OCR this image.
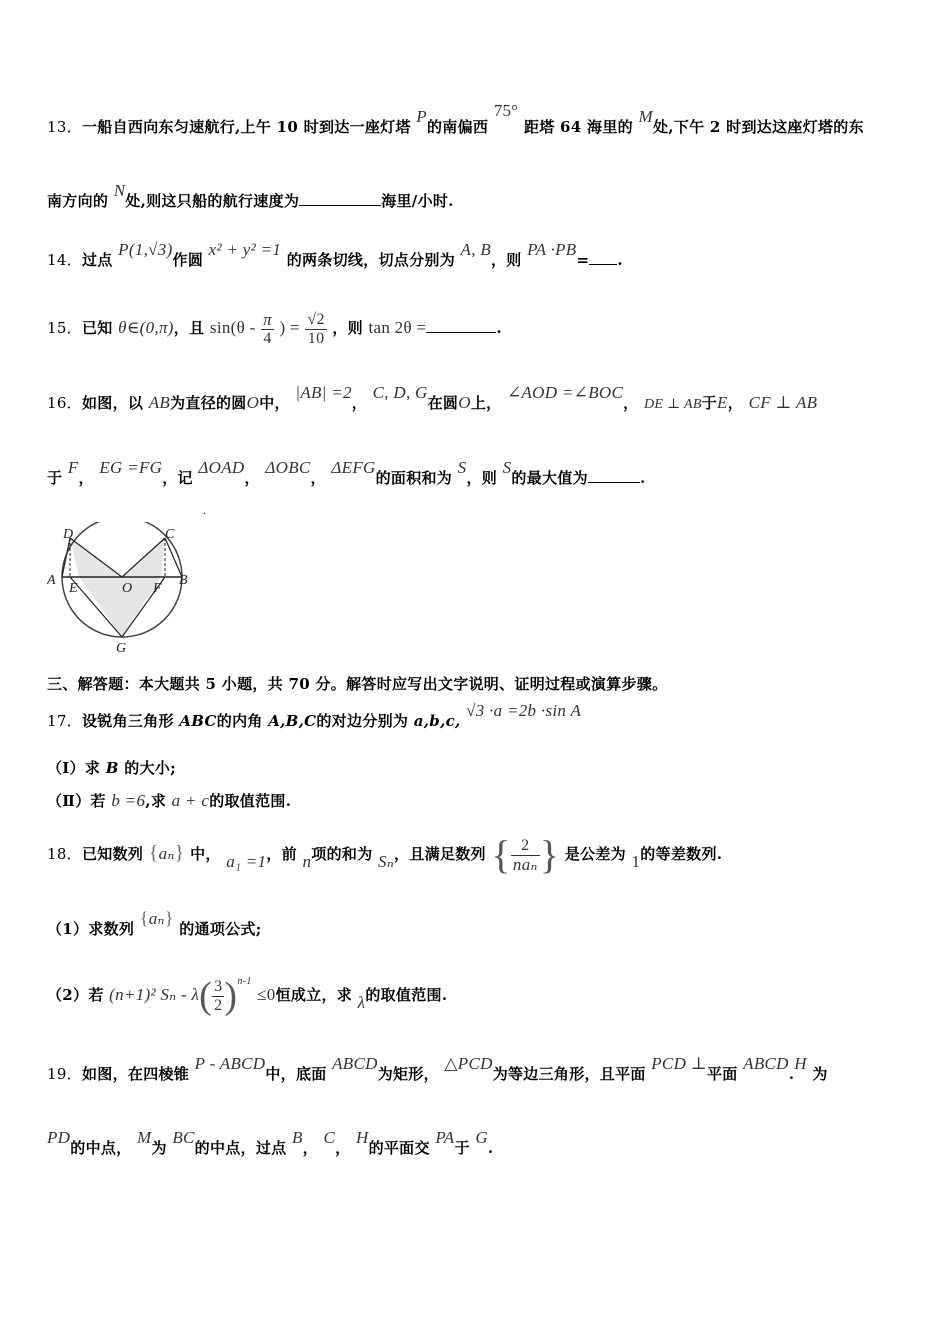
13．一船自西向东匀速航行,上午 10 时到达一座灯塔 P的南偏西 75° 距塔 64 海里的 M处,下午 2 时到达这座灯塔的东
南方向的 N处,则这只船的航行速度为	海里/小时.
14．过点 P(1,√3)作圆 x² + y² =1 的两条切线，切点分别为 A, B，则 PA ·PB= .
15．已知 θ∈(0,π)，且 $\sin(\theta - \frac{\pi}{4}$ ) = $\frac{√2}{10}$ ，则 tan 2θ =	.
16．如图，以 AB为直径的圆O中， |AB| =2， C, D, G在圆O上， ∠AOD =∠BOC， DE ⊥ AB于E， CF ⊥ AB
于 F， EG =FG，记 ΔOAD， ΔOBC， ΔEFG的面积和为 S，则 S的最大值为	.
D	C
A
E	O F
B
G
.
三、解答题：本大题共 5 小题，共 70 分。解答时应写出文字说明、证明过程或演算步骤。
17．设锐角三角形 ABC的内角 A,B,C的对边分别为 a,b,c, √3 ·a =2b ·sin A
（Ⅰ）求 B 的大小;
（Ⅱ）若 b =6,求 a + c的取值范围.
18．已知数列 {aₙ} 中， a₁ =1，前 n项的和为 Sₙ，且满足数列 { $\frac{2}{\text{naₙ}}$ } 是公差为 1的等差数列.
（1）求数列 {aₙ} 的通项公式;
（2）若 (n+1)² $S_n - \lambda( \frac{3}{2} )^{n-1} \le 0$恒成立，求 λ的取值范围.
19．如图，在四棱锥 P - ABCD中，底面 ABCD为矩形， △PCD为等边三角形，且平面 PCD ⊥平面 ABCD.H 为
PD的中点， M为 BC的中点，过点 B， C， H的平面交 PA于 G.
